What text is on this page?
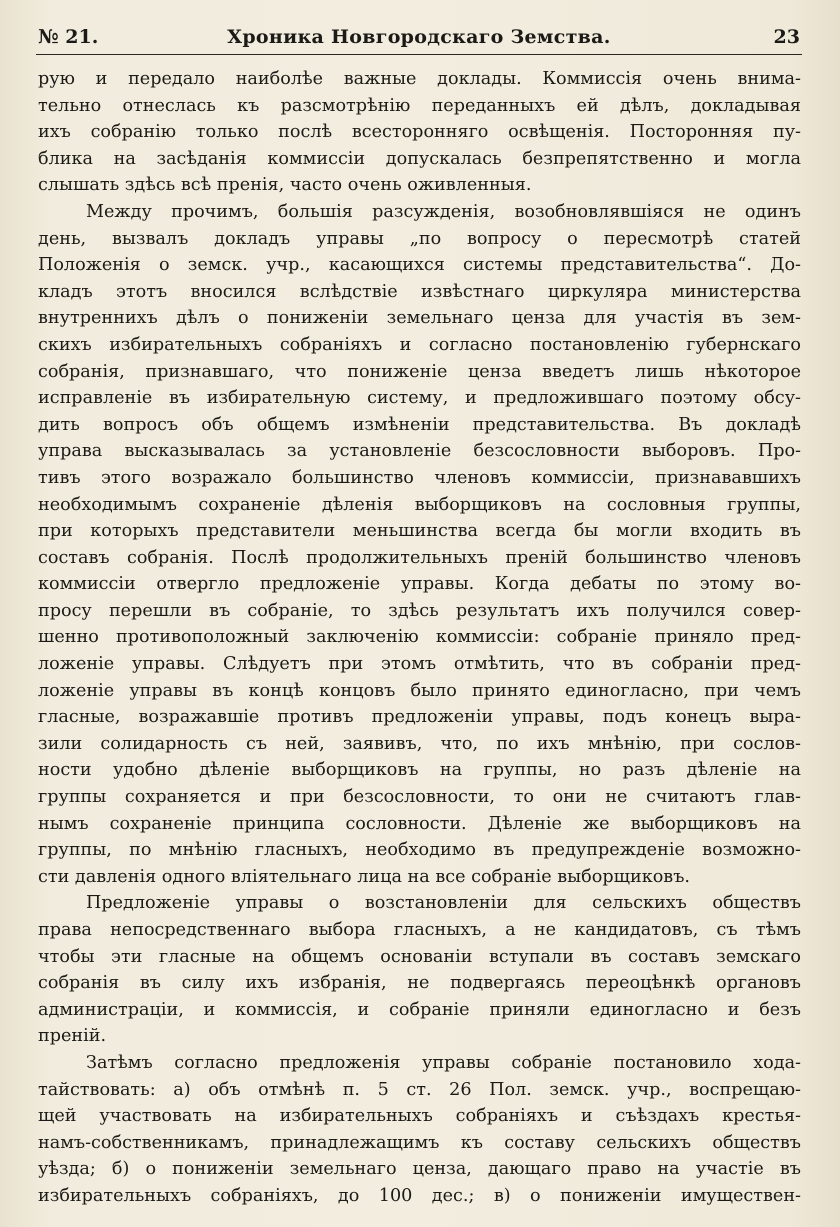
№ 21.	Хроника Новгородскаго Земства.	23
рую и передало наиболѣе важные доклады. Коммиссія очень внима-
тельно отнеслась къ разсмотрѣнію переданныхъ ей дѣлъ, докладывая
ихъ собранію только послѣ всесторонняго освѣщенія. Посторонняя пу-
блика на засѣданія коммиссіи допускалась безпрепятственно и могла
слышать здѣсь всѣ пренія, часто очень оживленныя.
Между прочимъ, большія разсужденія, возобновлявшіяся не одинъ
день, вызвалъ докладъ управы „по вопросу о пересмотрѣ статей
Положенія о земск. учр., касающихся системы представительства“. До-
кладъ этотъ вносился вслѣдствіе извѣстнаго циркуляра министерства
внутреннихъ дѣлъ о пониженіи земельнаго ценза для участія въ зем-
скихъ избирательныхъ собраніяхъ и согласно постановленію губернскаго
собранія, признавшаго, что пониженіе ценза введетъ лишь нѣкоторое
исправленіе въ избирательную систему, и предложившаго поэтому обсу-
дить вопросъ объ общемъ измѣненіи представительства. Въ докладѣ
управа высказывалась за установленіе безсословности выборовъ. Про-
тивъ этого возражало большинство членовъ коммиссіи, признававшихъ
необходимымъ сохраненіе дѣленія выборщиковъ на сословныя группы,
при которыхъ представители меньшинства всегда бы могли входить въ
составъ собранія. Послѣ продолжительныхъ преній большинство членовъ
коммиссіи отвергло предложеніе управы. Когда дебаты по этому во-
просу перешли въ собраніе, то здѣсь результатъ ихъ получился совер-
шенно противоположный заключенію коммиссіи: собраніе приняло пред-
ложеніе управы. Слѣдуетъ при этомъ отмѣтить, что въ собраніи пред-
ложеніе управы въ концѣ концовъ было принято единогласно, при чемъ
гласные, возражавшіе противъ предложеніи управы, подъ конецъ выра-
зили солидарность съ ней, заявивъ, что, по ихъ мнѣнію, при сослов-
ности удобно дѣленіе выборщиковъ на группы, но разъ дѣленіе на
группы сохраняется и при безсословности, то они не считаютъ глав-
нымъ сохраненіе принципа сословности. Дѣленіе же выборщиковъ на
группы, по мнѣнію гласныхъ, необходимо въ предупрежденіе возможно-
сти давленія одного вліятельнаго лица на все собраніе выборщиковъ.
Предложеніе управы о возстановленіи для сельскихъ обществъ
права непосредственнаго выбора гласныхъ, а не кандидатовъ, съ тѣмъ
чтобы эти гласные на общемъ основаніи вступали въ составъ земскаго
собранія въ силу ихъ избранія, не подвергаясь переоцѣнкѣ органовъ
администраціи, и коммиссія, и собраніе приняли единогласно и безъ
преній.
Затѣмъ согласно предложенія управы собраніе постановило хода-
тайствовать: а) объ отмѣнѣ п. 5 ст. 26 Пол. земск. учр., воспрещаю-
щей участвовать на избирательныхъ собраніяхъ и съѣздахъ крестья-
намъ-собственникамъ, принадлежащимъ къ составу сельскихъ обществъ
уѣзда; б) о пониженіи земельнаго ценза, дающаго право на участіе въ
избирательныхъ собраніяхъ, до 100 дес.; в) о пониженіи имуществен-
